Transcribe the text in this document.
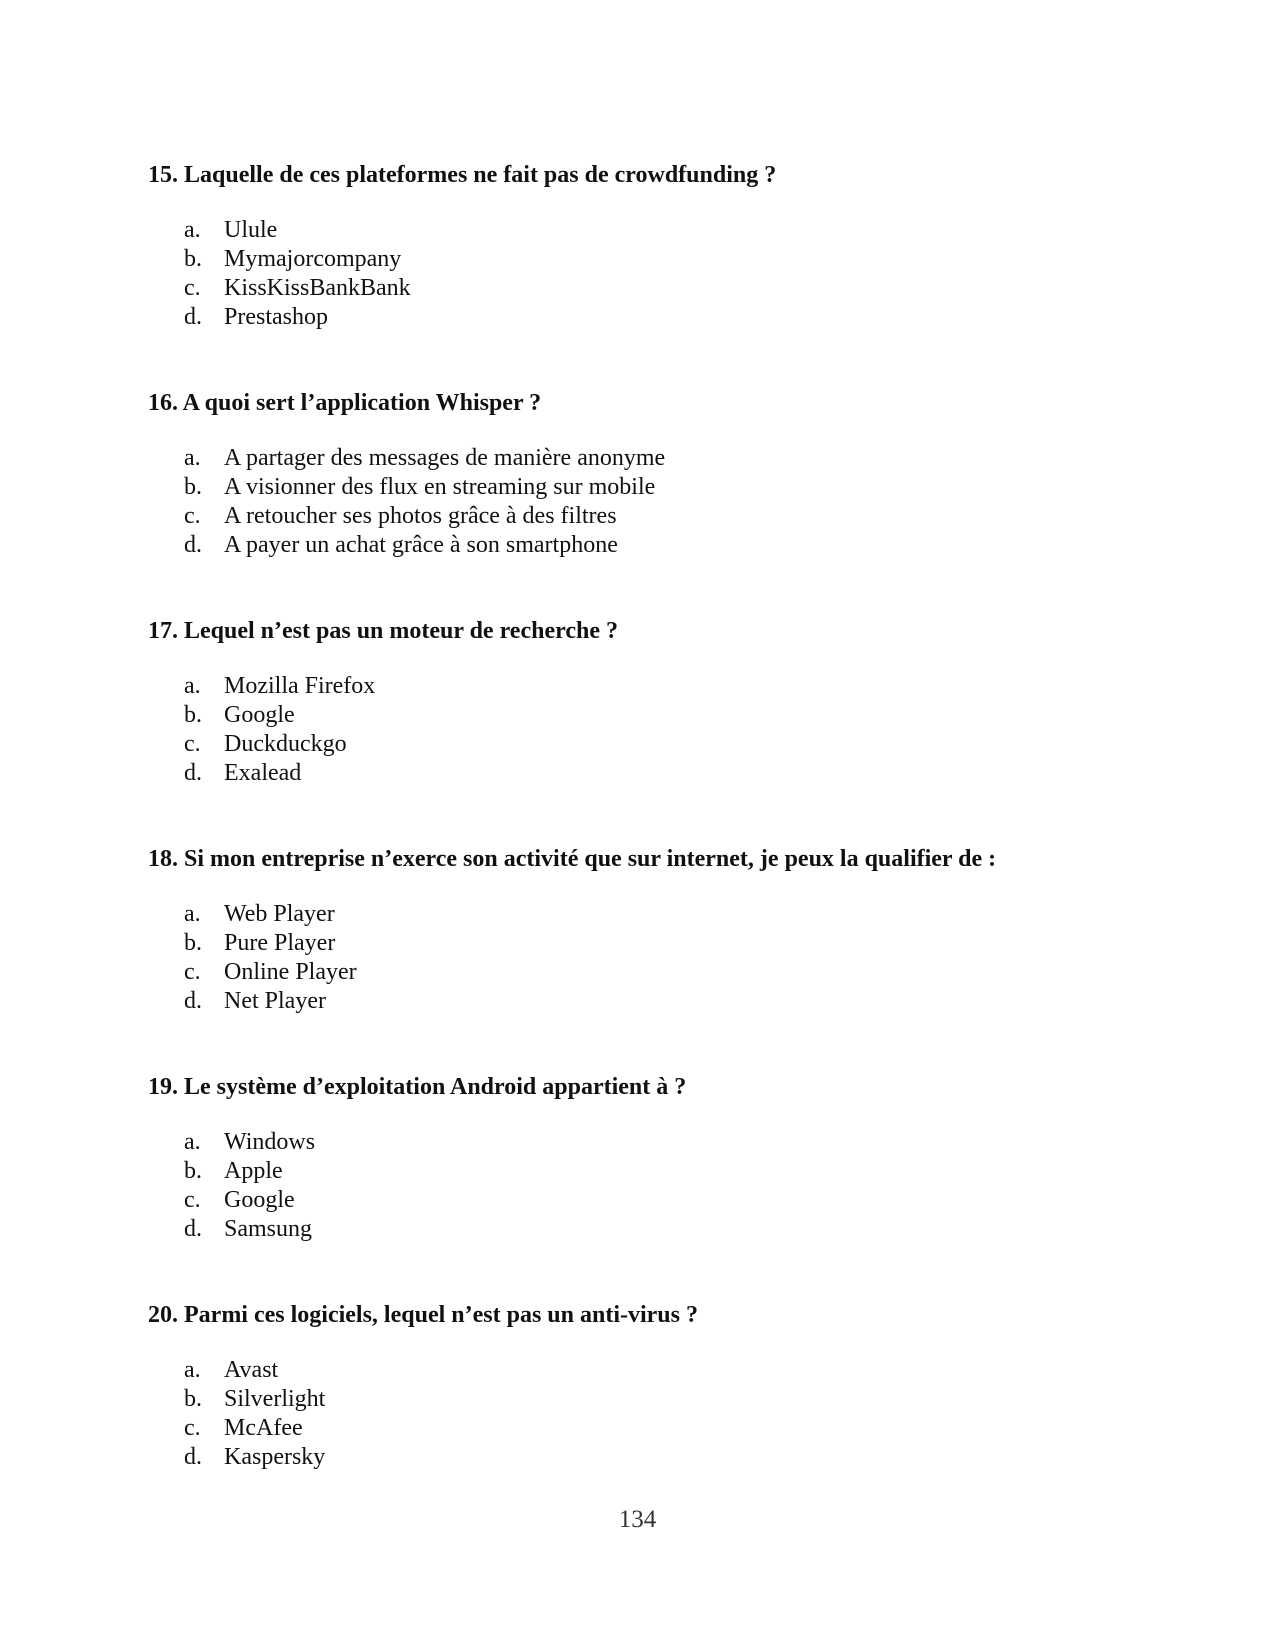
15. Laquelle de ces plateformes ne fait pas de crowdfunding ?
a. Ulule
b. Mymajorcompany
c. KissKissBankBank
d. Prestashop
16. A quoi sert l’application Whisper ?
a. A partager des messages de manière anonyme
b. A visionner des flux en streaming sur mobile
c. A retoucher ses photos grâce à des filtres
d. A payer un achat grâce à son smartphone
17. Lequel n’est pas un moteur de recherche ?
a. Mozilla Firefox
b. Google
c. Duckduckgo
d. Exalead
18. Si mon entreprise n’exerce son activité que sur internet, je peux la qualifier de :
a. Web Player
b. Pure Player
c. Online Player
d. Net Player
19. Le système d’exploitation Android appartient à ?
a. Windows
b. Apple
c. Google
d. Samsung
20. Parmi ces logiciels, lequel n’est pas un anti-virus ?
a. Avast
b. Silverlight
c. McAfee
d. Kaspersky
134
